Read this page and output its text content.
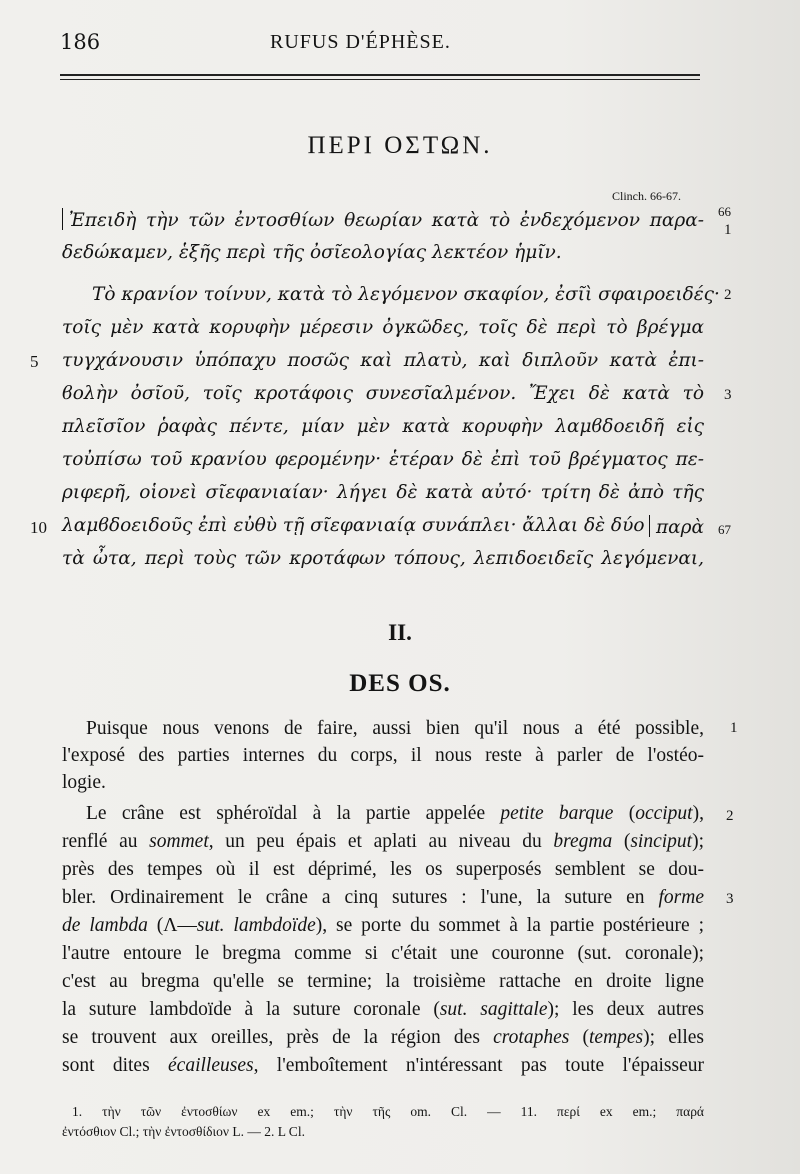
186	RUFUS D'ÉPHÈSE.
ΠΕΡΙ ΟΣΤΩΝ.
Clinch. 66-67.
Ἐπειδὴ τὴν τῶν ἐντοσθίων θεωρίαν κατὰ τὸ ἐνδεχόμενον παρα-
δεδώκαμεν, ἑξῆς περὶ τῆς ὀσῖεολογίας λεκτέον ἡμῖν.
Τὸ κρανίον τοίνυν, κατὰ τὸ λεγόμενον σκαφίον, ἐσῖὶ σφαιροειδές·
τοῖς μὲν κατὰ κορυφὴν μέρεσιν ὀγκῶδες, τοῖς δὲ περὶ τὸ βρέγμα
τυγχάνουσιν ὑπόπαχυ ποσῶς καὶ πλατὺ, καὶ διπλοῦν κατὰ ἐπι-
ϐολὴν ὀσῖοῦ, τοῖς κροτάφοις συνεσῖαλμένον. Ἔχει δὲ κατὰ τὸ
πλεῖσῖον ῥαφὰς πέντε, μίαν μὲν κατὰ κορυφὴν λαμϐδοειδῆ εἰς
τοὐπίσω τοῦ κρανίου φερομένην· ἑτέραν δὲ ἐπὶ τοῦ βρέγματος πε-
ριφερῆ, οἱονεὶ σῖεφανιαίαν· λήγει δὲ κατὰ αὐτό· τρίτη δὲ ἀπὸ τῆς
λαμϐδοειδοῦς ἐπὶ εὐθὺ τῇ σῖεφανιαίᾳ συνάπλει· ἄλλαι δὲ δύο παρὰ
τὰ ὦτα, περὶ τοὺς τῶν κροτάφων τόπους, λεπιδοειδεῖς λεγόμεναι,
5
10
66
1
2
3
67
II.
DES OS.
Puisque nous venons de faire, aussi bien qu'il nous a été possible,
l'exposé des parties internes du corps, il nous reste à parler de l'ostéo-
logie.
Le crâne est sphéroïdal à la partie appelée petite barque (occiput),
renflé au sommet, un peu épais et aplati au niveau du bregma (sinciput);
près des tempes où il est déprimé, les os superposés semblent se dou-
bler. Ordinairement le crâne a cinq sutures : l'une, la suture en forme
de lambda (Λ—sut. lambdoïde), se porte du sommet à la partie postérieure ;
l'autre entoure le bregma comme si c'était une couronne (sut. coronale);
c'est au bregma qu'elle se termine; la troisième rattache en droite ligne
la suture lambdoïde à la suture coronale (sut. sagittale); les deux autres
se trouvent aux oreilles, près de la région des crotaphes (tempes); elles
sont dites écailleuses, l'emboîtement n'intéressant pas toute l'épaisseur
1
2
3
1. τὴν τῶν ἐντοσθίων ex em.; τὴν τῆς om. Cl. — 11. περί ex em.; παρά
ἐντόσθιον Cl.; τὴν ἐντοσθίδιον L. — 2. L Cl.
